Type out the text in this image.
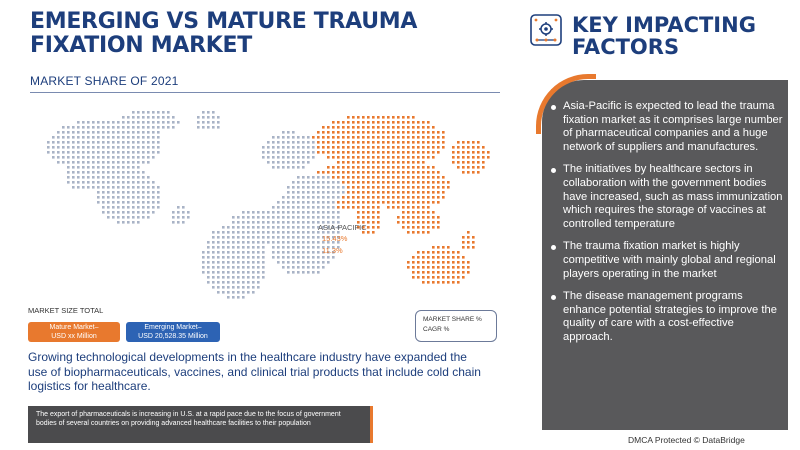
EMERGING VS MATURE TRAUMA FIXATION MARKET
MARKET SHARE OF 2021
ASIA-PACIFIC
15.43%
11.3%
MARKET SIZE TOTAL
Mature Market–
USD xx Million
Emerging Market–
USD 20,528.35 Million
MARKET SHARE %
CAGR %
Growing technological developments in the healthcare industry have expanded the use of biopharmaceuticals, vaccines, and clinical trial products that include cold chain logistics for healthcare.
The export of pharmaceuticals is increasing in U.S. at a rapid pace due to the focus of government bodies of several countries on providing advanced healthcare facilities to their population
KEY IMPACTING FACTORS
Asia-Pacific is expected to lead the trauma fixation market as it comprises large number of pharmaceutical companies and a huge network of suppliers and manufactures.
The initiatives by healthcare sectors in collaboration with the government bodies have increased, such as mass immunization which requires the storage of vaccines at controlled temperature
The trauma fixation market is highly competitive with mainly global and regional players operating in the market
The disease management programs enhance potential strategies to improve the quality of care with a cost-effective approach.
DMCA Protected © DataBridge
